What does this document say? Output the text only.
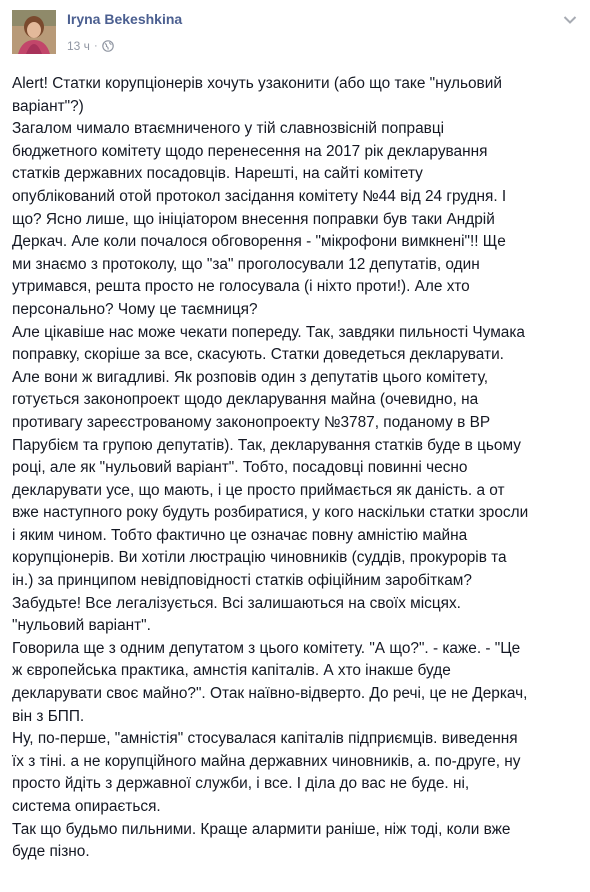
Iryna Bekeshkina
13 ч ·
Alert! Статки корупціонерів хочуть узаконити (або що таке "нульовий
варіант"?)
Загалом чимало втаємниченого у тій славнозвісній поправці
бюджетного комітету щодо перенесення на 2017 рік декларування
статків державних посадовців. Нарешті, на сайті комітету
опублікований отой протокол засідання комітету №44 від 24 грудня. І
що? Ясно лише, що ініціатором внесення поправки був таки Андрій
Деркач. Але коли почалося обговорення - "мікрофони вимкнені"!! Ще
ми знаємо з протоколу, що "за" проголосували 12 депутатів, один
утримався, решта просто не голосувала (і ніхто проти!). Але хто
персонально? Чому це таємниця?
Але цікавіше нас може чекати попереду. Так, завдяки пильності Чумака
поправку, скоріше за все, скасують. Статки доведеться декларувати.
Але вони ж вигадливі. Як розповів один з депутатів цього комітету,
готується законопроект щодо декларування майна (очевидно, на
противагу зареєстрованому законопроекту №3787, поданому в ВР
Парубієм та групою депутатів). Так, декларування статків буде в цьому
році, але як "нульовий варіант". Тобто, посадовці повинні чесно
декларувати усе, що мають, і це просто приймається як даність. а от
вже наступного року будуть розбиратися, у кого наскільки статки зросли
і яким чином. Тобто фактично це означає повну амністію майна
корупціонерів. Ви хотіли люстрацію чиновників (суддів, прокурорів та
ін.) за принципом невідповідності статків офіційним заробіткам?
Забудьте! Все легалізується. Всі залишаються на своїх місцях.
"нульовий варіант".
Говорила ще з одним депутатом з цього комітету. "А що?". - каже. - "Це
ж європейська практика, амнстія капіталів. А хто інакше буде
декларувати своє майно?". Отак наївно-відверто. До речі, це не Деркач,
він з БПП.
Ну, по-перше, "амністія" стосувалася капіталів підприємців. виведення
їх з тіні. а не корупційного майна державних чиновників, а. по-друге, ну
просто йдіть з державної служби, і все. І діла до вас не буде. ні,
система опирається.
Так що будьмо пильними. Краще алармити раніше, ніж тоді, коли вже
буде пізно.
